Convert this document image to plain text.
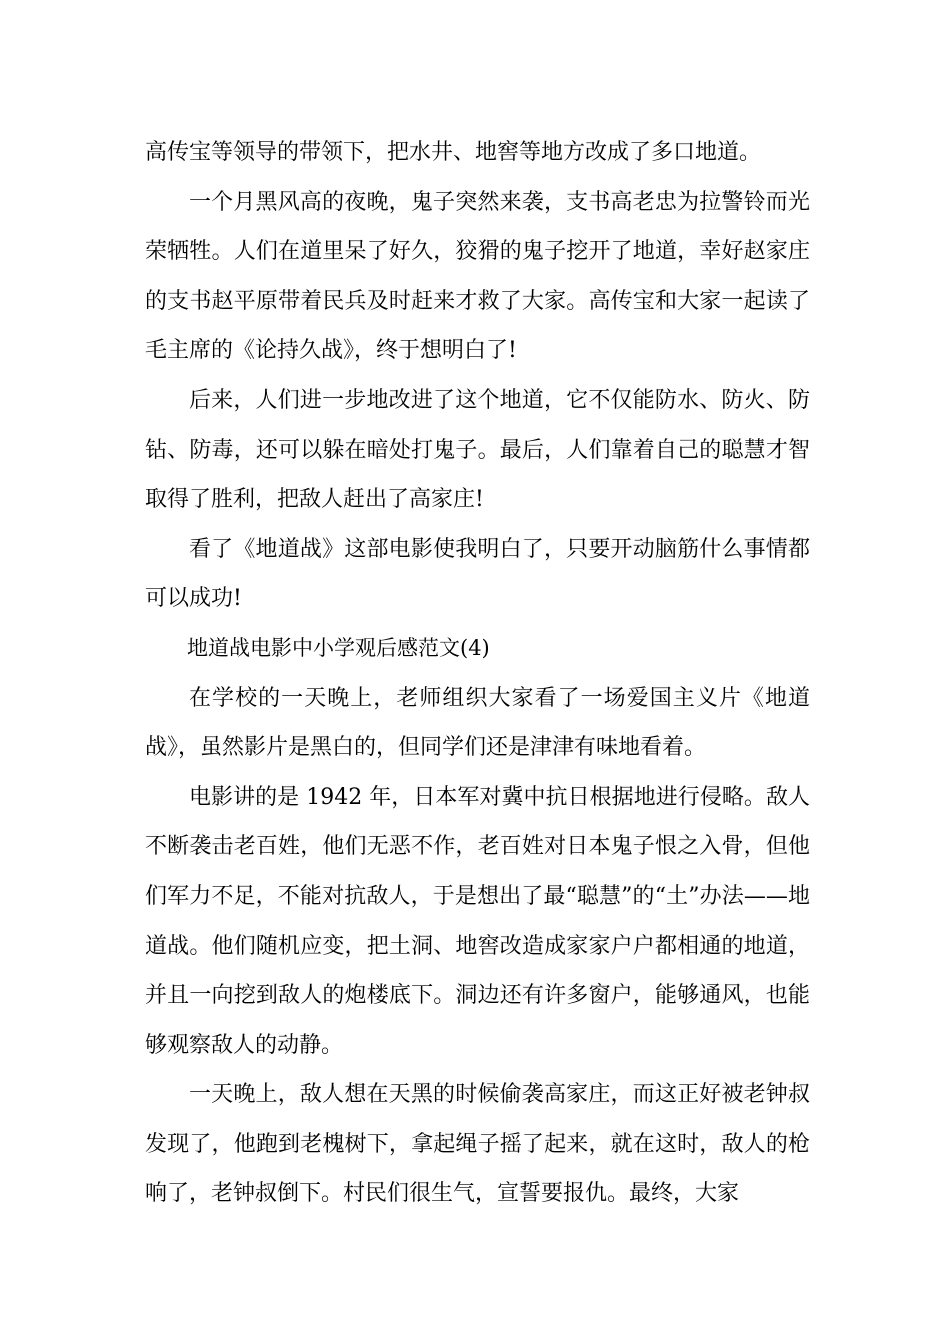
高传宝等领导的带领下，把水井、地窖等地方改成了多口地道。

一个月黑风高的夜晚，鬼子突然来袭，支书高老忠为拉警铃而光荣牺牲。人们在道里呆了好久，狡猾的鬼子挖开了地道，幸好赵家庄的支书赵平原带着民兵及时赶来才救了大家。高传宝和大家一起读了毛主席的《论持久战》，终于想明白了!

后来，人们进一步地改进了这个地道，它不仅能防水、防火、防钻、防毒，还可以躲在暗处打鬼子。最后，人们靠着自己的聪慧才智取得了胜利，把敌人赶出了高家庄!

看了《地道战》这部电影使我明白了，只要开动脑筋什么事情都可以成功!

地道战电影中小学观后感范文(4)

在学校的一天晚上，老师组织大家看了一场爱国主义片《地道战》，虽然影片是黑白的，但同学们还是津津有味地看着。

电影讲的是 1942 年，日本军对冀中抗日根据地进行侵略。敌人不断袭击老百姓，他们无恶不作，老百姓对日本鬼子恨之入骨，但他们军力不足，不能对抗敌人，于是想出了最“聪慧”的“土”办法——地道战。他们随机应变，把土洞、地窖改造成家家户户都相通的地道，并且一向挖到敌人的炮楼底下。洞边还有许多窗户，能够通风，也能够观察敌人的动静。

一天晚上，敌人想在天黑的时候偷袭高家庄，而这正好被老钟叔发现了，他跑到老槐树下，拿起绳子摇了起来，就在这时，敌人的枪响了，老钟叔倒下。村民们很生气，宣誓要报仇。最终，大家
